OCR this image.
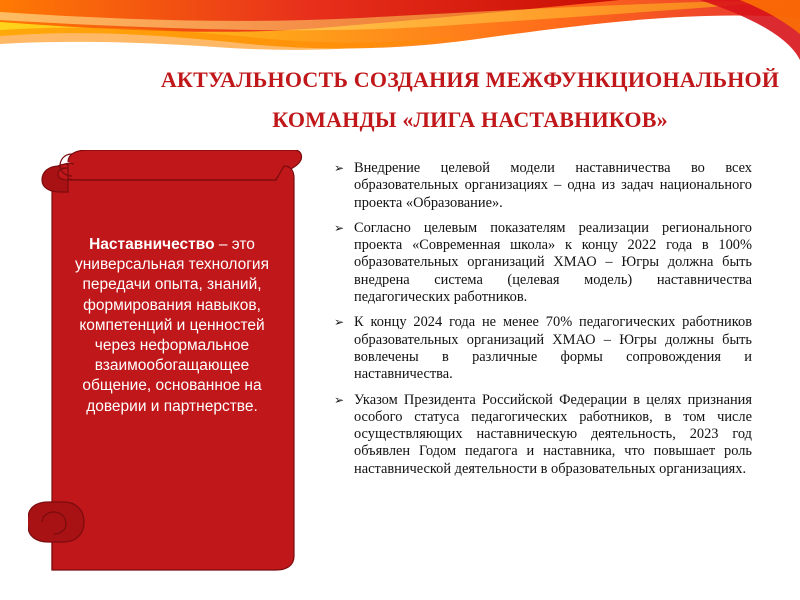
АКТУАЛЬНОСТЬ СОЗДАНИЯ МЕЖФУНКЦИОНАЛЬНОЙ
КОМАНДЫ «ЛИГА НАСТАВНИКОВ»
Наставничество – это универсальная технология передачи опыта, знаний, формирования навыков, компетенций и ценностей через неформальное взаимообогащающее общение, основанное на доверии и партнерстве.
➢ Внедрение целевой модели наставничества во всех образовательных организациях – одна из задач национального проекта «Образование».
➢ Согласно целевым показателям реализации регионального проекта «Современная школа» к концу 2022 года в 100% образовательных организаций ХМАО – Югры должна быть внедрена система (целевая модель) наставничества педагогических работников.
➢ К концу 2024 года не менее 70% педагогических работников образовательных организаций ХМАО – Югры должны быть вовлечены в различные формы сопровождения и наставничества.
➢ Указом Президента Российской Федерации в целях признания особого статуса педагогических работников, в том числе осуществляющих наставническую деятельность, 2023 год объявлен Годом педагога и наставника, что повышает роль наставнической деятельности в образовательных организациях.
